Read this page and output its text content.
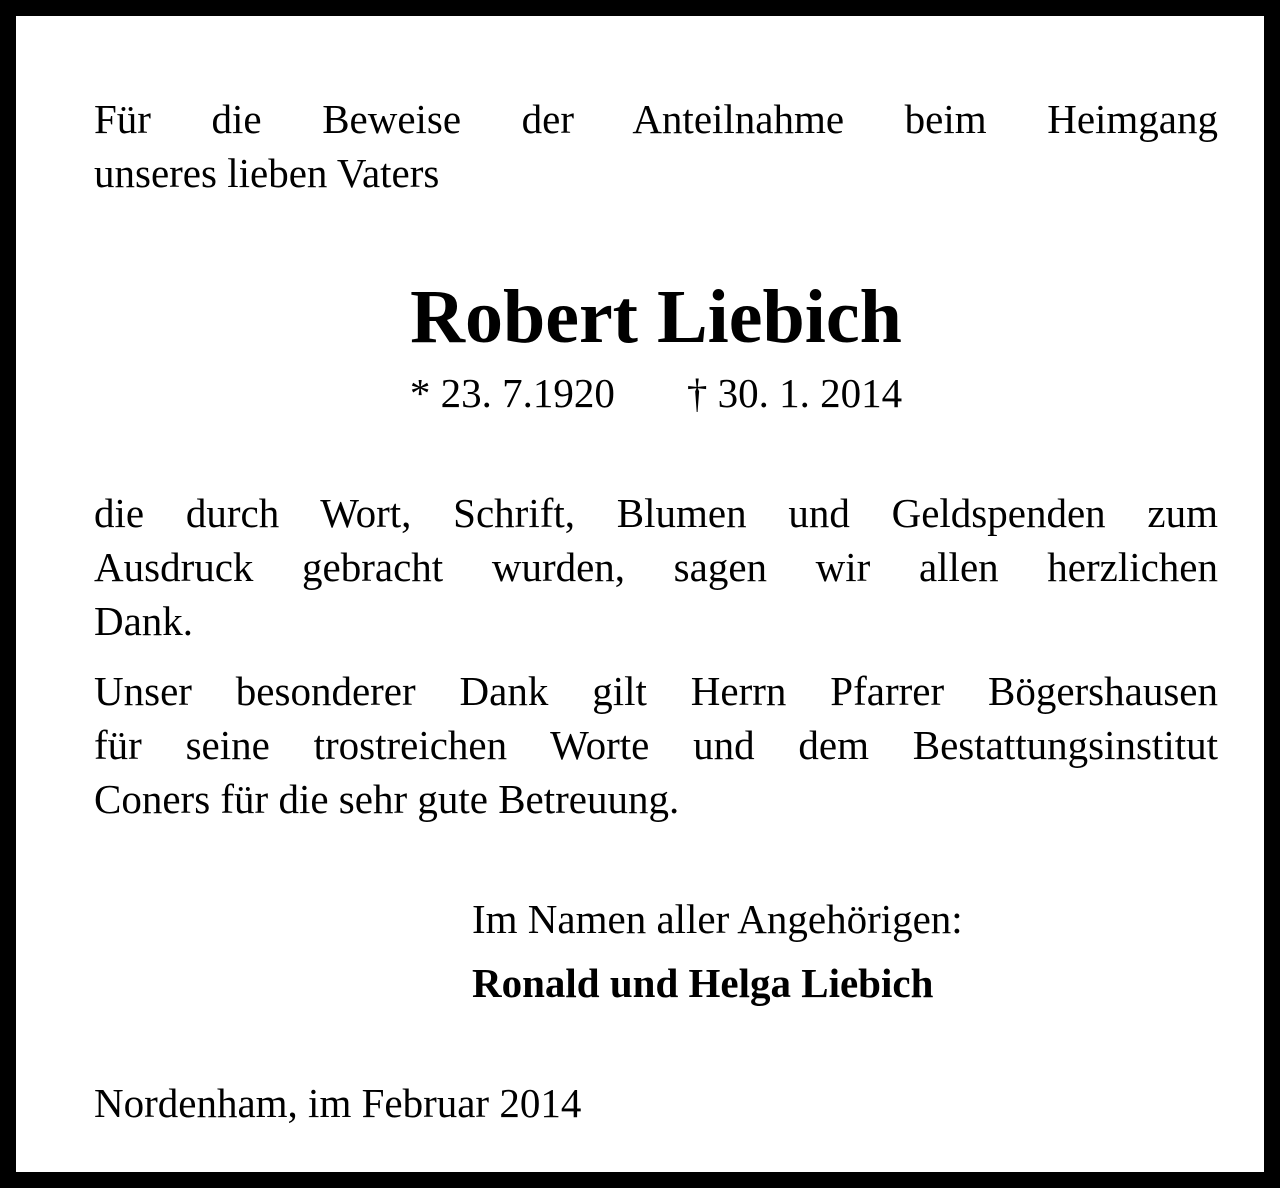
Für die Beweise der Anteilnahme beim Heimgang
unseres lieben Vaters

Robert Liebich
* 23. 7.1920 † 30. 1. 2014

die durch Wort, Schrift, Blumen und Geldspenden zum
Ausdruck gebracht wurden, sagen wir allen herzlichen
Dank.

Unser besonderer Dank gilt Herrn Pfarrer Bögershausen
für seine trostreichen Worte und dem Bestattungsinstitut
Coners für die sehr gute Betreuung.

Im Namen aller Angehörigen:
Ronald und Helga Liebich
Nordenham, im Februar 2014
